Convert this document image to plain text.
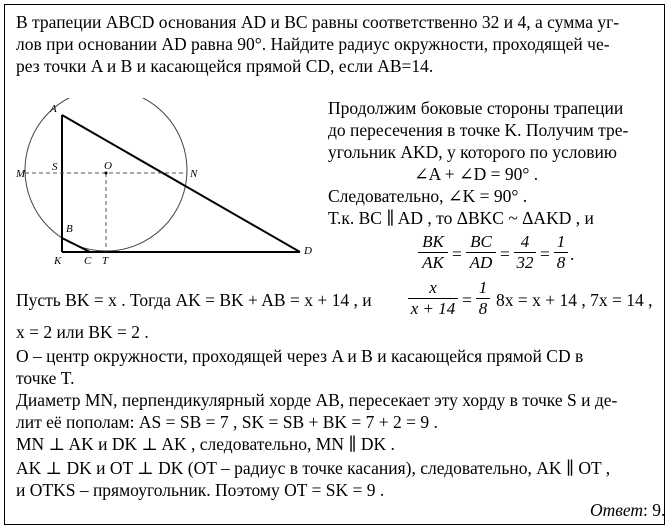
В трапеции ABCD основания AD и BC равны соответственно 32 и 4, а сумма уг-
лов при основании AD равна 90°. Найдите радиус окружности, проходящей че-
рез точки A и B и касающейся прямой CD, если AB=14.
A
M
S	O
N
B
K C T
D
Продолжим боковые стороны трапеции
до пересечения в точке K. Получим тре-
угольник AKD, у которого по условию
∠A + ∠D = 90° .
Следовательно, ∠K = 90° .
Т.к. BC ∥ AD , то ΔBKC ~ ΔAKD , и
$\frac{BK}{AK} = \frac{BC}{AD} = \frac{4}{32} = \frac{1}{8}$ .
Пусть BK = x . Тогда AK = BK + AB = x + 14 , и $\frac{x}{x + 14} = \frac{1}{8} 8x = x + 14$ , 7x = 14 ,
x = 2 или BK = 2 .
O – центр окружности, проходящей через A и B и касающейся прямой CD в
точке T.
Диаметр MN, перпендикулярный хорде AB, пересекает эту хорду в точке S и де-
лит её пополам: AS = SB = 7 , SK = SB + BK = 7 + 2 = 9 .
MN ⊥ AK и DK ⊥ AK , следовательно, MN ∥ DK .
AK ⊥ DK и OT ⊥ DK (OT – радиус в точке касания), следовательно, AK ∥ OT ,
и OTKS – прямоугольник. Поэтому OT = SK = 9 .
Ответ: 9.
